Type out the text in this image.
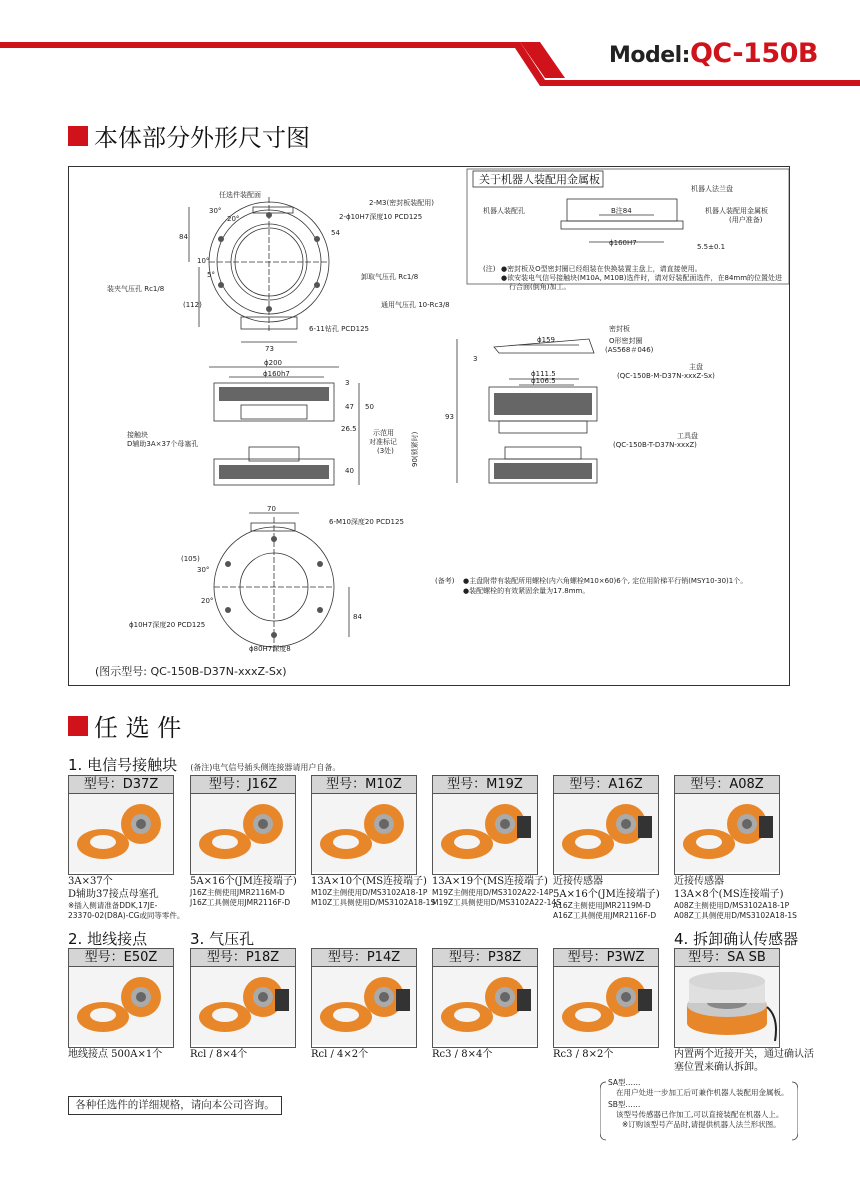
Model:QC-150B
本体部分外形尺寸图
任选件装配面
2-M3(密封板装配用)
2-ϕ10H7深度10 PCD125
卸取气压孔 Rc1/8
装夹气压孔 Rc1/8
通用气压孔 10-Rc3/8
6-11钻孔 PCD125
84	54
20°
30°
10°
5°
(112)
73
ϕ200
ϕ160h7
接触块
D辅助3A×37个母塞孔
示范用
对准标记
(3处) 90(锁紧时)
3
47 50
26.5
40
6-M10深度20 PCD125
ϕ10H7深度20 PCD125
ϕ80H7深度8
70
(105)
30°
20°
84
(图示型号: QC-150B-D37N-xxxZ-Sx)
关于机器人装配用金属板
机器人法兰盘
机器人装配孔	机器人装配用金属板
(用户准备)
ϕ160H7
B注84
5.5±0.1
(注) ●密封板及O型密封圈已经组装在快换装置主盘上，请直接使用。
●欲安装电气信号接触块(M10A, M10B)选件时，请对好装配面选件，在84mm的位置处进
行合面(倒角)加工。
密封板
O形密封圈
(AS568＃046)
主盘
(QC-150B-M-D37N-xxxZ-Sx)
工具盘
(QC-150B-T-D37N-xxxZ)
ϕ159
ϕ111.5
ϕ106.5
93
3
(备考) ●主盘附带有装配所用螺栓(内六角螺栓M10×60)6个, 定位用阶梯平行销(MSY10-30)1个。
●装配螺栓的有效紧固余量为17.8mm。
任 选 件
1. 电信号接触块 (备注)电气信号插头侧连接器请用户自备。
型号：D37Z
3A×37个
D辅助37接点母塞孔
※插入侧请准备DDK,17JE-
23370-02(D8A)-CG或同等零件。
型号：J16Z
5A×16个(JM连接端子)
J16Z主侧使用JMR2116M-D
J16Z工具侧使用JMR2116F-D
型号：M10Z
13A×10个(MS连接端子)
M10Z主侧使用D/MS3102A18-1P
M10Z工具侧使用D/MS3102A18-1S
型号：M19Z
13A×19个(MS连接端子)
M19Z主侧使用D/MS3102A22-14P
M19Z工具侧使用D/MS3102A22-14S
型号：A16Z
近接传感器
5A×16个(JM连接端子)
A16Z主侧使用JMR2119M-D
A16Z工具侧使用JMR2116F-D
型号：A08Z
近接传感器
13A×8个(MS连接端子)
A08Z主侧使用D/MS3102A18-1P
A08Z工具侧使用D/MS3102A18-1S
2. 地线接点	3. 气压孔	4. 拆卸确认传感器
型号：E50Z
地线接点 500A×1个
型号：P18Z
Rcl / 8×4个
型号：P14Z
Rcl / 4×2个
型号：P38Z
Rc3 / 8×4个
型号：P3WZ
Rc3 / 8×2个
型号：SA SB
内置两个近接开关，通过确认活
塞位置来确认拆卸。
各种任选件的详细规格，请向本公司咨询。
SA型……
在用户处进一步加工后可兼作机器人装配用金属板。
SB型……
该型号传感器已作加工,可以直接装配在机器人上。
※订购该型号产品时,请提供机器人法兰形状图。
